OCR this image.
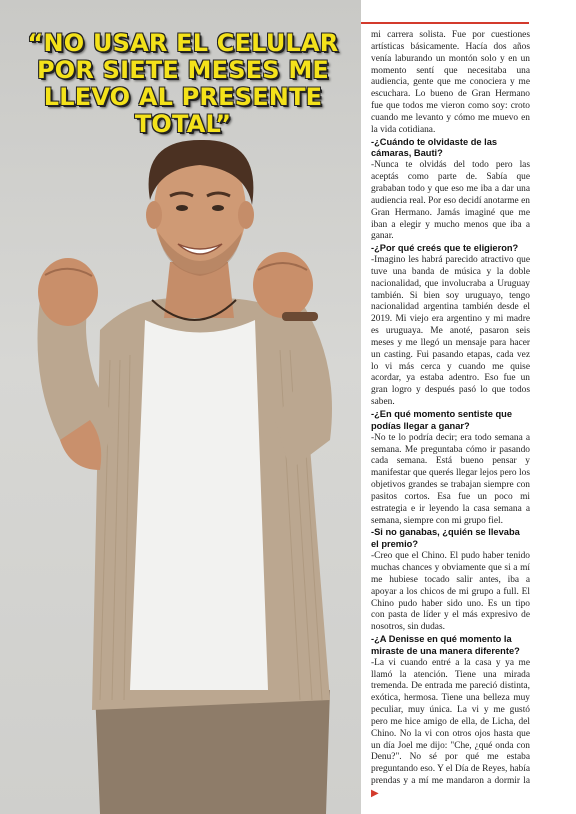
“NO USAR EL CELULAR POR SIETE MESES ME LLEVO AL PRESENTE TOTAL”

mi carrera solista. Fue por cuestiones artísticas básicamente. Hacía dos años venía laburando un montón solo y en un momento sentí que necesitaba una audiencia, gente que me conociera y me escuchara. Lo bueno de Gran Hermano fue que todos me vieron como soy: croto cuando me levanto y cómo me muevo en la vida cotidiana.

-¿Cuándo te olvidaste de las cámaras, Bauti?

-Nunca te olvidás del todo pero las aceptás como parte de. Sabía que grababan todo y que eso me iba a dar una audiencia real. Por eso decidí anotarme en Gran Hermano. Jamás imaginé que me iban a elegir y mucho menos que iba a ganar.

-¿Por qué creés que te eligieron?

-Imagino les habrá parecido atractivo que tuve una banda de música y la doble nacionalidad, que involucraba a Uruguay también. Si bien soy uruguayo, tengo nacionalidad argentina también desde el 2019. Mi viejo era argentino y mi madre es uruguaya. Me anoté, pasaron seis meses y me llegó un mensaje para hacer un casting. Fui pasando etapas, cada vez lo vi más cerca y cuando me quise acordar, ya estaba adentro. Eso fue un gran logro y después pasó lo que todos saben.

-¿En qué momento sentiste que podías llegar a ganar?

-No te lo podría decir; era todo semana a semana. Me preguntaba cómo ir pasando cada semana. Está bueno pensar y manifestar que querés llegar lejos pero los objetivos grandes se trabajan siempre con pasitos cortos. Esa fue un poco mi estrategia e ir leyendo la casa semana a semana, siempre con mi grupo fiel.

-Si no ganabas, ¿quién se llevaba el premio?

-Creo que el Chino. El pudo haber tenido muchas chances y obviamente que si a mí me hubiese tocado salir antes, iba a apoyar a los chicos de mi grupo a full. El Chino pudo haber sido uno. Es un tipo con pasta de líder y el más expresivo de nosotros, sin dudas.

-¿A Denisse en qué momento la miraste de una manera diferente?

-La vi cuando entré a la casa y ya me llamó la atención. Tiene una mirada tremenda. De entrada me pareció distinta, exótica, hermosa. Tiene una belleza muy peculiar, muy única. La vi y me gustó pero me hice amigo de ella, de Licha, del Chino. No la vi con otros ojos hasta que un día Joel me dijo: "Che, ¿qué onda con Denu?". No sé por qué me estaba preguntando eso. Y el Día de Reyes, había prendas y a mí me mandaron a dormir la ▶
